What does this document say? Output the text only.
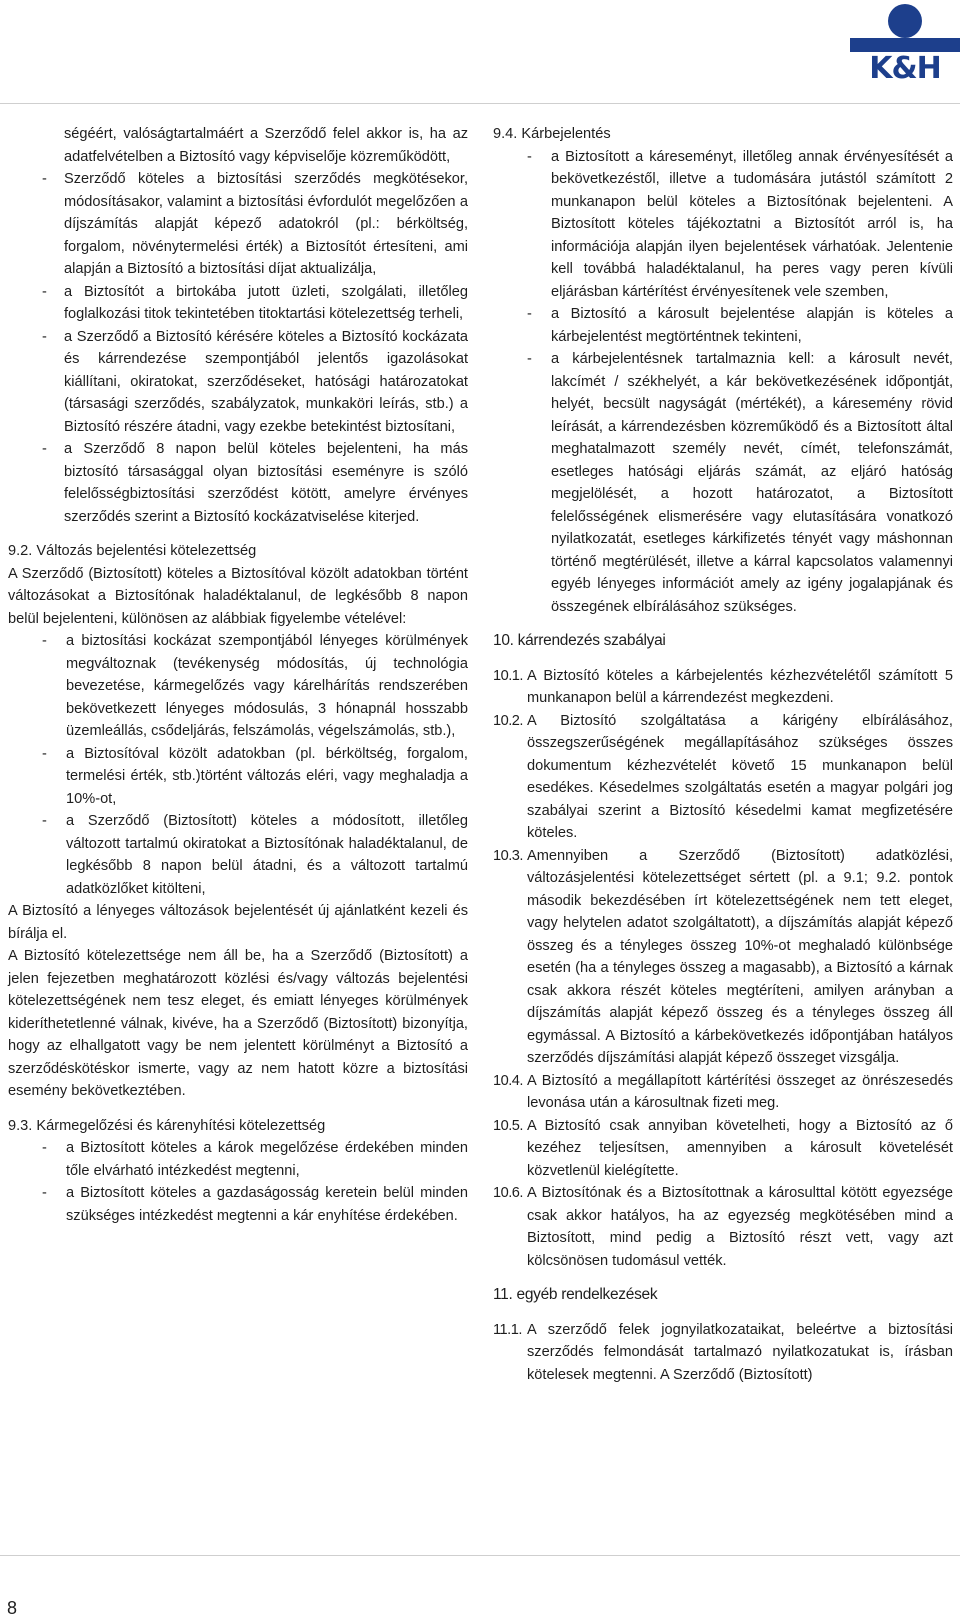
K&H

ségéért, valóságtartalmáért a Szerződő felel akkor is, ha az adatfelvételben a Biztosító vagy képviselője közreműködött,

- Szerződő köteles a biztosítási szerződés megkötésekor, módosításakor, valamint a biztosítási évfordulót megelőzően a díjszámítás alapját képező adatokról (pl.: bérköltség, forgalom, növénytermelési érték) a Biztosítót értesíteni, ami alapján a Biztosító a biztosítási díjat aktualizálja,
- a Biztosítót a birtokába jutott üzleti, szolgálati, illetőleg foglalkozási titok tekintetében titoktartási kötelezettség terheli,
- a Szerződő a Biztosító kérésére köteles a Biztosító kockázata és kárrendezése szempontjából jelentős igazolásokat kiállítani, okiratokat, szerződéseket, hatósági határozatokat (társasági szerződés, szabályzatok, munkaköri leírás, stb.) a Biztosító részére átadni, vagy ezekbe betekintést biztosítani,
- a Szerződő 8 napon belül köteles bejelenteni, ha más biztosító társasággal olyan biztosítási eseményre is szóló felelősségbiztosítási szerződést kötött, amelyre érvényes szerződés szerint a Biztosító kockázatviselése kiterjed.

9.2. Változás bejelentési kötelezettség

A Szerződő (Biztosított) köteles a Biztosítóval közölt adatokban történt változásokat a Biztosítónak haladéktalanul, de legkésőbb 8 napon belül bejelenteni, különösen az alábbiak figyelembe vételével:

- a biztosítási kockázat szempontjából lényeges körülmények megváltoznak (tevékenység módosítás, új technológia bevezetése, kármegelőzés vagy kárelhárítás rendszerében bekövetkezett lényeges módosulás, 3 hónapnál hosszabb üzemleállás, csődeljárás, felszámolás, végelszámolás, stb.),
- a Biztosítóval közölt adatokban (pl. bérköltség, forgalom, termelési érték, stb.)történt változás eléri, vagy meghaladja a 10%-ot,
- a Szerződő (Biztosított) köteles a módosított, illetőleg változott tartalmú okiratokat a Biztosítónak haladéktalanul, de legkésőbb 8 napon belül átadni, és a változott tartalmú adatközlőket kitölteni,

A Biztosító a lényeges változások bejelentését új ajánlatként kezeli és bírálja el.

A Biztosító kötelezettsége nem áll be, ha a Szerződő (Biztosított) a jelen fejezetben meghatározott közlési és/vagy változás bejelentési kötelezettségének nem tesz eleget, és emiatt lényeges körülmények kideríthetetlenné válnak, kivéve, ha a Szerződő (Biztosított) bizonyítja, hogy az elhallgatott vagy be nem jelentett körülményt a Biztosító a szerződéskötéskor ismerte, vagy az nem hatott közre a biztosítási esemény bekövetkeztében.

9.3. Kármegelőzési és kárenyhítési kötelezettség

- a Biztosított köteles a károk megelőzése érdekében minden tőle elvárható intézkedést megtenni,
- a Biztosított köteles a gazdaságosság keretein belül minden szükséges intézkedést megtenni a kár enyhítése érdekében.

9.4. Kárbejelentés

- a Biztosított a káreseményt, illetőleg annak érvényesítését a bekövetkezéstől, illetve a tudomására jutástól számított 2 munkanapon belül köteles a Biztosítónak bejelenteni. A Biztosított köteles tájékoztatni a Biztosítót arról is, ha információja alapján ilyen bejelentések várhatóak. Jelentenie kell továbbá haladéktalanul, ha peres vagy peren kívüli eljárásban kártérítést érvényesítenek vele szemben,
- a Biztosító a károsult bejelentése alapján is köteles a kárbejelentést megtörténtnek tekinteni,
- a kárbejelentésnek tartalmaznia kell: a károsult nevét, lakcímét / székhelyét, a kár bekövetkezésének időpontját, helyét, becsült nagyságát (mértékét), a káresemény rövid leírását, a kárrendezésben közreműködő és a Biztosított által meghatalmazott személy nevét, címét, telefonszámát, esetleges hatósági eljárás számát, az eljáró hatóság megjelölését, a hozott határozatot, a Biztosított felelősségének elismerésére vagy elutasítására vonatkozó nyilatkozatát, esetleges kárkifizetés tényét vagy máshonnan történő megtérülését, illetve a kárral kapcsolatos valamennyi egyéb lényeges információt amely az igény jogalapjának és összegének elbírálásához szükséges.

10. kárrendezés szabályai

10.1. A Biztosító köteles a kárbejelentés kézhezvételétől számított 5 munkanapon belül a kárrendezést megkezdeni.
10.2. A Biztosító szolgáltatása a kárigény elbírálásához, összegszerűségének megállapításához szükséges összes dokumentum kézhezvételét követő 15 munkanapon belül esedékes. Késedelmes szolgáltatás esetén a magyar polgári jog szabályai szerint a Biztosító késedelmi kamat megfizetésére köteles.
10.3. Amennyiben a Szerződő (Biztosított) adatközlési, változásjelentési kötelezettséget sértett (pl. a 9.1; 9.2. pontok második bekezdésében írt kötelezettségének nem tett eleget, vagy helytelen adatot szolgáltatott), a díjszámítás alapját képező összeg és a tényleges összeg 10%-ot meghaladó különbsége esetén (ha a tényleges összeg a magasabb), a Biztosító a kárnak csak akkora részét köteles megtéríteni, amilyen arányban a díjszámítás alapját képező összeg és a tényleges összeg áll egymással. A Biztosító a kárbekövetkezés időpontjában hatályos szerződés díjszámítási alapját képező összeget vizsgálja.
10.4. A Biztosító a megállapított kártérítési összeget az önrészesedés levonása után a károsultnak fizeti meg.
10.5. A Biztosító csak annyiban követelheti, hogy a Biztosító az ő kezéhez teljesítsen, amennyiben a károsult követelését közvetlenül kielégítette.
10.6. A Biztosítónak és a Biztosítottnak a károsulttal kötött egyezsége csak akkor hatályos, ha az egyezség megkötésében mind a Biztosított, mind pedig a Biztosító részt vett, vagy azt kölcsönösen tudomásul vették.

11. egyéb rendelkezések

11.1. A szerződő felek jognyilatkozataikat, beleértve a biztosítási szerződés felmondását tartalmazó nyilatkozatukat is, írásban kötelesek megtenni. A Szerződő (Biztosított)
8
